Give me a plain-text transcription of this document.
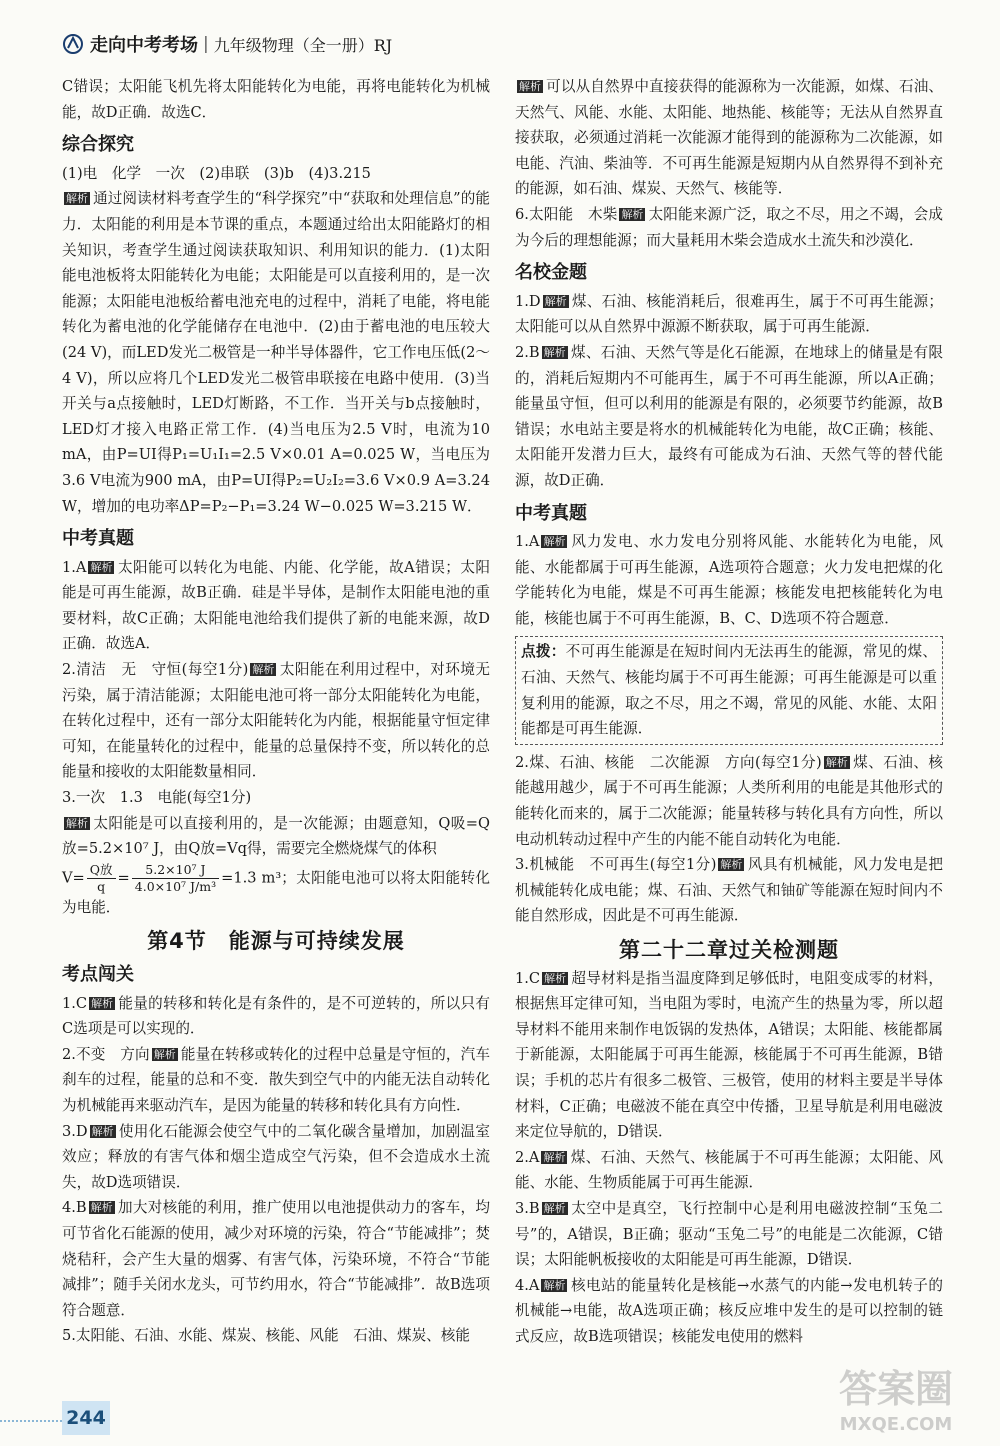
走向中考考场 | 九年级物理（全一册）RJ

C错误；太阳能飞机先将太阳能转化为电能，再将电能转化为机械能，故D正确．故选C．

综合探究

(1)电　化学　一次　(2)串联　(3)b　(4)3.215

解析 通过阅读材料考查学生的“科学探究”中“获取和处理信息”的能力．太阳能的利用是本节课的重点，本题通过给出太阳能路灯的相关知识，考查学生通过阅读获取知识、利用知识的能力．(1)太阳能电池板将太阳能转化为电能；太阳能是可以直接利用的，是一次能源；太阳能电池板给蓄电池充电的过程中，消耗了电能，将电能转化为蓄电池的化学能储存在电池中．(2)由于蓄电池的电压较大(24 V)，而LED发光二极管是一种半导体器件，它工作电压低(2～4 V)，所以应将几个LED发光二极管串联接在电路中使用．(3)当开关与a点接触时，LED灯断路，不工作．当开关与b点接触时，LED灯才接入电路正常工作．(4)当电压为2.5 V时，电流为10 mA，由P=UI得P₁=U₁I₁=2.5 V×0.01 A=0.025 W，当电压为3.6 V电流为900 mA，由P=UI得P₂=U₂I₂=3.6 V×0.9 A=3.24 W，增加的电功率ΔP=P₂−P₁=3.24 W−0.025 W=3.215 W．

中考真题

1.A 解析 太阳能可以转化为电能、内能、化学能，故A错误；太阳能是可再生能源，故B正确．硅是半导体，是制作太阳能电池的重要材料，故C正确；太阳能电池给我们提供了新的电能来源，故D正确．故选A．

2.清洁　无　守恒(每空1分) 解析 太阳能在利用过程中，对环境无污染，属于清洁能源；太阳能电池可将一部分太阳能转化为电能，在转化过程中，还有一部分太阳能转化为内能，根据能量守恒定律可知，在能量转化的过程中，能量的总量保持不变，所以转化的总能量和接收的太阳能数量相同．

3.一次　1.3　电能(每空1分)

解析 太阳能是可以直接利用的，是一次能源；由题意知，Q吸=Q放=5.2×10⁷ J，由Q放=Vq得，需要完全燃烧煤气的体积

V= Q放
$q = \frac{\text{5.2×10⁷ J}}{\text{4.0×10⁷ J/m³}} =1.3$ m³；太阳能电池可以将太阳能转化为电能．

第4节　能源与可持续发展
考点闯关

1.C 解析 能量的转移和转化是有条件的，是不可逆转的，所以只有C选项是可以实现的．

2.不变　方向 解析 能量在转移或转化的过程中总量是守恒的，汽车刹车的过程，能量的总和不变．散失到空气中的内能无法自动转化为机械能再来驱动汽车，是因为能量的转移和转化具有方向性．

3.D 解析 使用化石能源会使空气中的二氧化碳含量增加，加剧温室效应；释放的有害气体和烟尘造成空气污染，但不会造成水土流失，故D选项错误．

4.B 解析 加大对核能的利用，推广使用以电池提供动力的客车，均可节省化石能源的使用，减少对环境的污染，符合“节能减排”；焚烧秸秆，会产生大量的烟雾、有害气体，污染环境，不符合“节能减排”；随手关闭水龙头，可节约用水，符合“节能减排”．故B选项符合题意．

5.太阳能、石油、水能、煤炭、核能、风能　石油、煤炭、核能

解析 可以从自然界中直接获得的能源称为一次能源，如煤、石油、天然气、风能、水能、太阳能、地热能、核能等；无法从自然界直接获取，必须通过消耗一次能源才能得到的能源称为二次能源，如电能、汽油、柴油等．不可再生能源是短期内从自然界得不到补充的能源，如石油、煤炭、天然气、核能等．

6.太阳能　木柴 解析 太阳能来源广泛，取之不尽，用之不竭，会成为今后的理想能源；而大量耗用木柴会造成水土流失和沙漠化．

名校金题

1.D 解析 煤、石油、核能消耗后，很难再生，属于不可再生能源；太阳能可以从自然界中源源不断获取，属于可再生能源．

2.B 解析 煤、石油、天然气等是化石能源，在地球上的储量是有限的，消耗后短期内不可能再生，属于不可再生能源，所以A正确；能量虽守恒，但可以利用的能源是有限的，必须要节约能源，故B错误；水电站主要是将水的机械能转化为电能，故C正确；核能、太阳能开发潜力巨大，最终有可能成为石油、天然气等的替代能源，故D正确．

中考真题

1.A 解析 风力发电、水力发电分别将风能、水能转化为电能，风能、水能都属于可再生能源，A选项符合题意；火力发电把煤的化学能转化为电能，煤是不可再生能源；核能发电把核能转化为电能，核能也属于不可再生能源，B、C、D选项不符合题意．

点拨：不可再生能源是在短时间内无法再生的能源，常见的煤、石油、天然气、核能均属于不可再生能源；可再生能源是可以重复利用的能源，取之不尽，用之不竭，常见的风能、水能、太阳能都是可再生能源．

2.煤、石油、核能　二次能源　方向(每空1分) 解析 煤、石油、核能越用越少，属于不可再生能源；人类所利用的电能是其他形式的能转化而来的，属于二次能源；能量转移与转化具有方向性，所以电动机转动过程中产生的内能不能自动转化为电能．

3.机械能　不可再生(每空1分) 解析 风具有机械能，风力发电是把机械能转化成电能；煤、石油、天然气和铀矿等能源在短时间内不能自然形成，因此是不可再生能源．

第二十二章过关检测题

1.C 解析 超导材料是指当温度降到足够低时，电阻变成零的材料，根据焦耳定律可知，当电阻为零时，电流产生的热量为零，所以超导材料不能用来制作电饭锅的发热体，A错误；太阳能、核能都属于新能源，太阳能属于可再生能源，核能属于不可再生能源，B错误；手机的芯片有很多二极管、三极管，使用的材料主要是半导体材料，C正确；电磁波不能在真空中传播，卫星导航是利用电磁波来定位导航的，D错误．

2.A 解析 煤、石油、天然气、核能属于不可再生能源；太阳能、风能、水能、生物质能属于可再生能源．

3.B 解析 太空中是真空，飞行控制中心是利用电磁波控制“玉兔二号”的，A错误，B正确；驱动“玉兔二号”的电能是二次能源，C错误；太阳能帆板接收的太阳能是可再生能源，D错误．

4.A 解析 核电站的能量转化是核能→水蒸气的内能→发电机转子的机械能→电能，故A选项正确；核反应堆中发生的是可以控制的链式反应，故B选项错误；核能发电使用的燃料

244
答案圈
MXQE.COM
